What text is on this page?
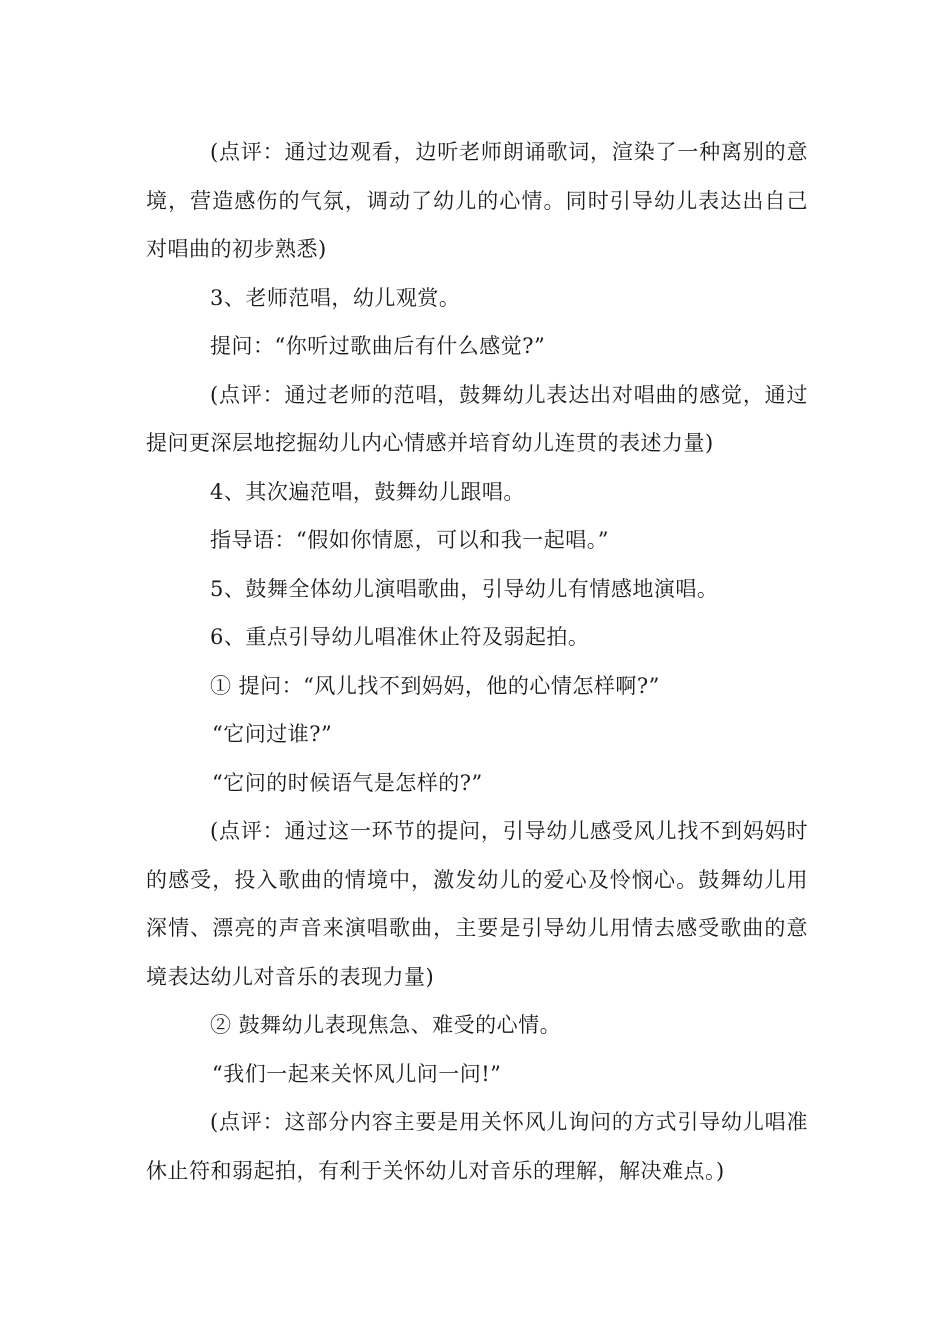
(点评：通过边观看，边听老师朗诵歌词，渲染了一种离别的意境，营造感伤的气氛，调动了幼儿的心情。同时引导幼儿表达出自己对唱曲的初步熟悉)

3、老师范唱，幼儿观赏。

提问：“你听过歌曲后有什么感觉?”

(点评：通过老师的范唱，鼓舞幼儿表达出对唱曲的感觉，通过提问更深层地挖掘幼儿内心情感并培育幼儿连贯的表述力量)

4、其次遍范唱，鼓舞幼儿跟唱。

指导语：“假如你情愿，可以和我一起唱。”

5、鼓舞全体幼儿演唱歌曲，引导幼儿有情感地演唱。

6、重点引导幼儿唱准休止符及弱起拍。

① 提问：“风儿找不到妈妈，他的心情怎样啊?”

“它问过谁?”

“它问的时候语气是怎样的?”

(点评：通过这一环节的提问，引导幼儿感受风儿找不到妈妈时的感受，投入歌曲的情境中，激发幼儿的爱心及怜悯心。鼓舞幼儿用深情、漂亮的声音来演唱歌曲，主要是引导幼儿用情去感受歌曲的意境表达幼儿对音乐的表现力量)

② 鼓舞幼儿表现焦急、难受的心情。

“我们一起来关怀风儿问一问!”

(点评：这部分内容主要是用关怀风儿询问的方式引导幼儿唱准休止符和弱起拍，有利于关怀幼儿对音乐的理解，解决难点。)
